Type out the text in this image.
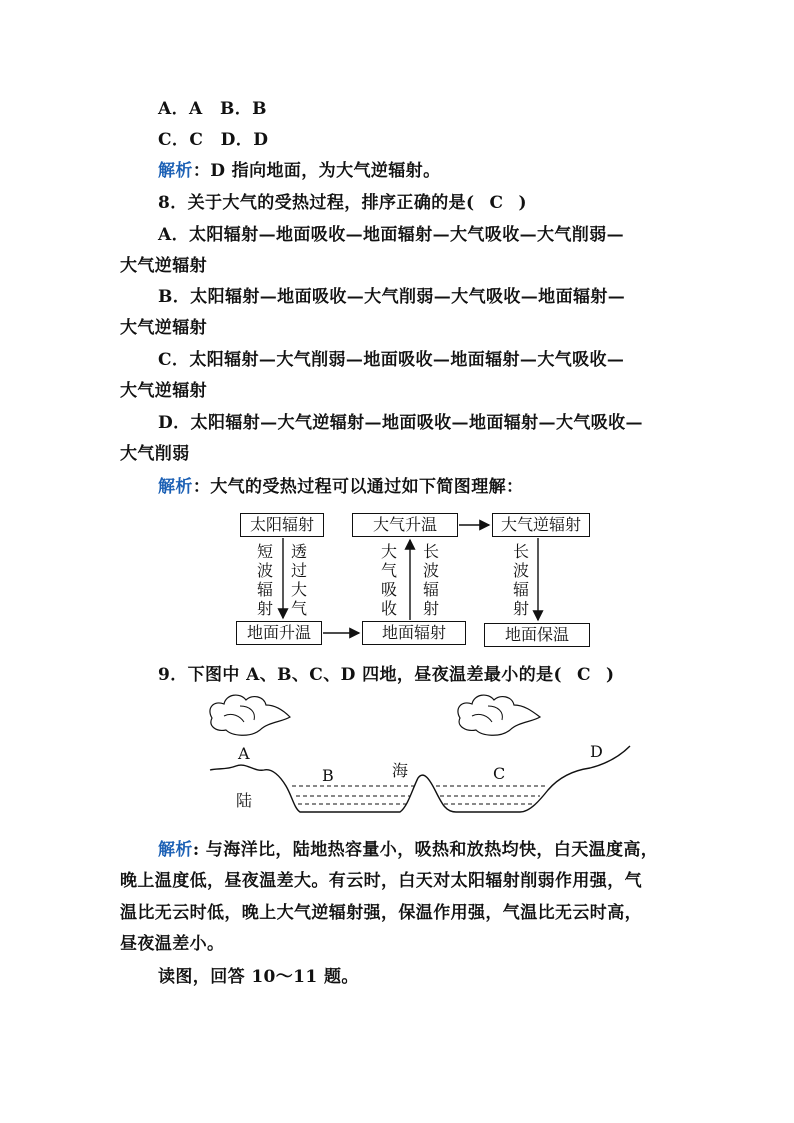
A．A　B．B
C．C　D．D
解析：D 指向地面，为大气逆辐射。
8．关于大气的受热过程，排序正确的是( C )
A．太阳辐射—地面吸收—地面辐射—大气吸收—大气削弱—
大气逆辐射
B．太阳辐射—地面吸收—大气削弱—大气吸收—地面辐射—
大气逆辐射
C．太阳辐射—大气削弱—地面吸收—地面辐射—大气吸收—
大气逆辐射
D．太阳辐射—大气逆辐射—地面吸收—地面辐射—大气吸收—
大气削弱
解析：大气的受热过程可以通过如下简图理解：
太阳辐射	大气升温	大气逆辐射
地面升温	地面辐射	地面保温
短波辐射
透过大气
大气吸收
长波辐射
长波辐射
9．下图中 A、B、C、D 四地，昼夜温差最小的是( C )
A
B	海	C
D
陆
解析: 与海洋比，陆地热容量小，吸热和放热均快，白天温度高，
晚上温度低，昼夜温差大。有云时，白天对太阳辐射削弱作用强，气
温比无云时低，晚上大气逆辐射强，保温作用强，气温比无云时高，
昼夜温差小。
读图，回答 10～11 题。
